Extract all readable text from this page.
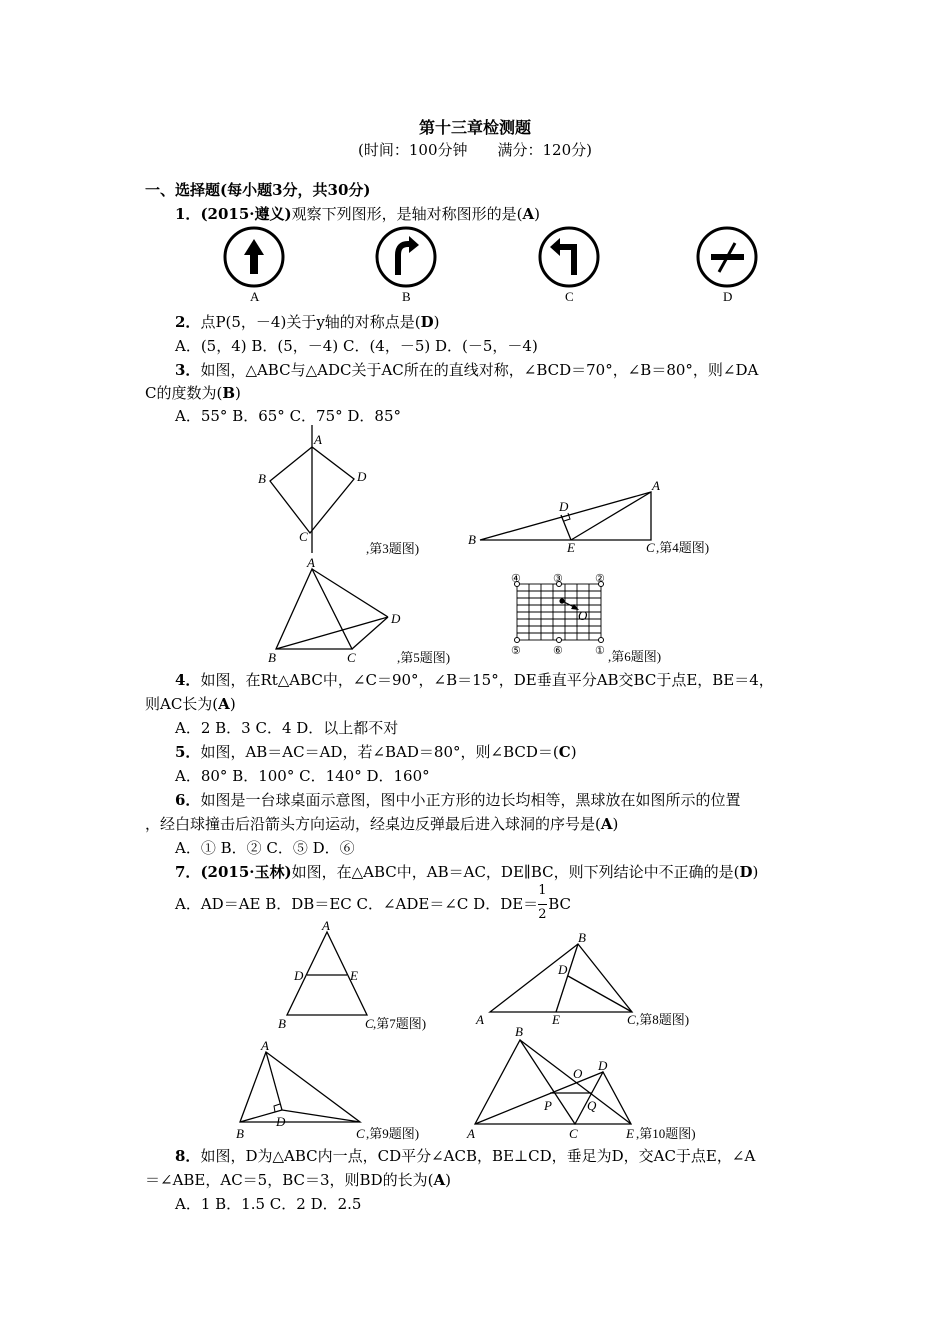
第十三章检测题
(时间：100分钟　　满分：120分)
一、选择题(每小题3分，共30分)
1．(2015·遵义)观察下列图形，是轴对称图形的是(A)
A	B	C	D
2．点P(5，－4)关于y轴的对称点是(D)
A．(5，4) B．(5，－4) C．(4，－5) D．(－5，－4)
3．如图，△ABC与△ADC关于AC所在的直线对称，∠BCD＝70°，∠B＝80°，则∠DA
C的度数为(B)
A．55° B．65° C．75° D．85°
A
B
C
D
,第3题图)
A
B
C
D
E	,第4题图)
A
B	C
D
,第5题图)
④	③	②
⑤	⑥	①
O
,第6题图)
4．如图，在Rt△ABC中，∠C＝90°，∠B＝15°，DE垂直平分AB交BC于点E，BE＝4，
则AC长为(A)
A．2 B．3 C．4 D．以上都不对
5．如图，AB＝AC＝AD，若∠BAD＝80°，则∠BCD＝(C)
A．80° B．100° C．140° D．160°
6．如图是一台球桌面示意图，图中小正方形的边长均相等，黑球放在如图所示的位置
，经白球撞击后沿箭头方向运动，经桌边反弹最后进入球洞的序号是(A)
A．① B．② C．⑤ D．⑥
7．(2015·玉林)如图，在△ABC中，AB＝AC，DE∥BC，则下列结论中不正确的是(D)
A．AD＝AE B．DB＝EC C．∠ADE＝∠C D．$DE= \frac{1}{2}$ BC
A
B	C
D	E
,第7题图)
B
A	C
D
E	,第8题图)
A
B	C
D
,第9题图)
B
A	C
D
E
O
P	Q
,第10题图)
8．如图，D为△ABC内一点，CD平分∠ACB，BE⊥CD，垂足为D，交AC于点E，∠A
＝∠ABE，AC＝5，BC＝3，则BD的长为(A)
A．1 B．1.5 C．2 D．2.5
